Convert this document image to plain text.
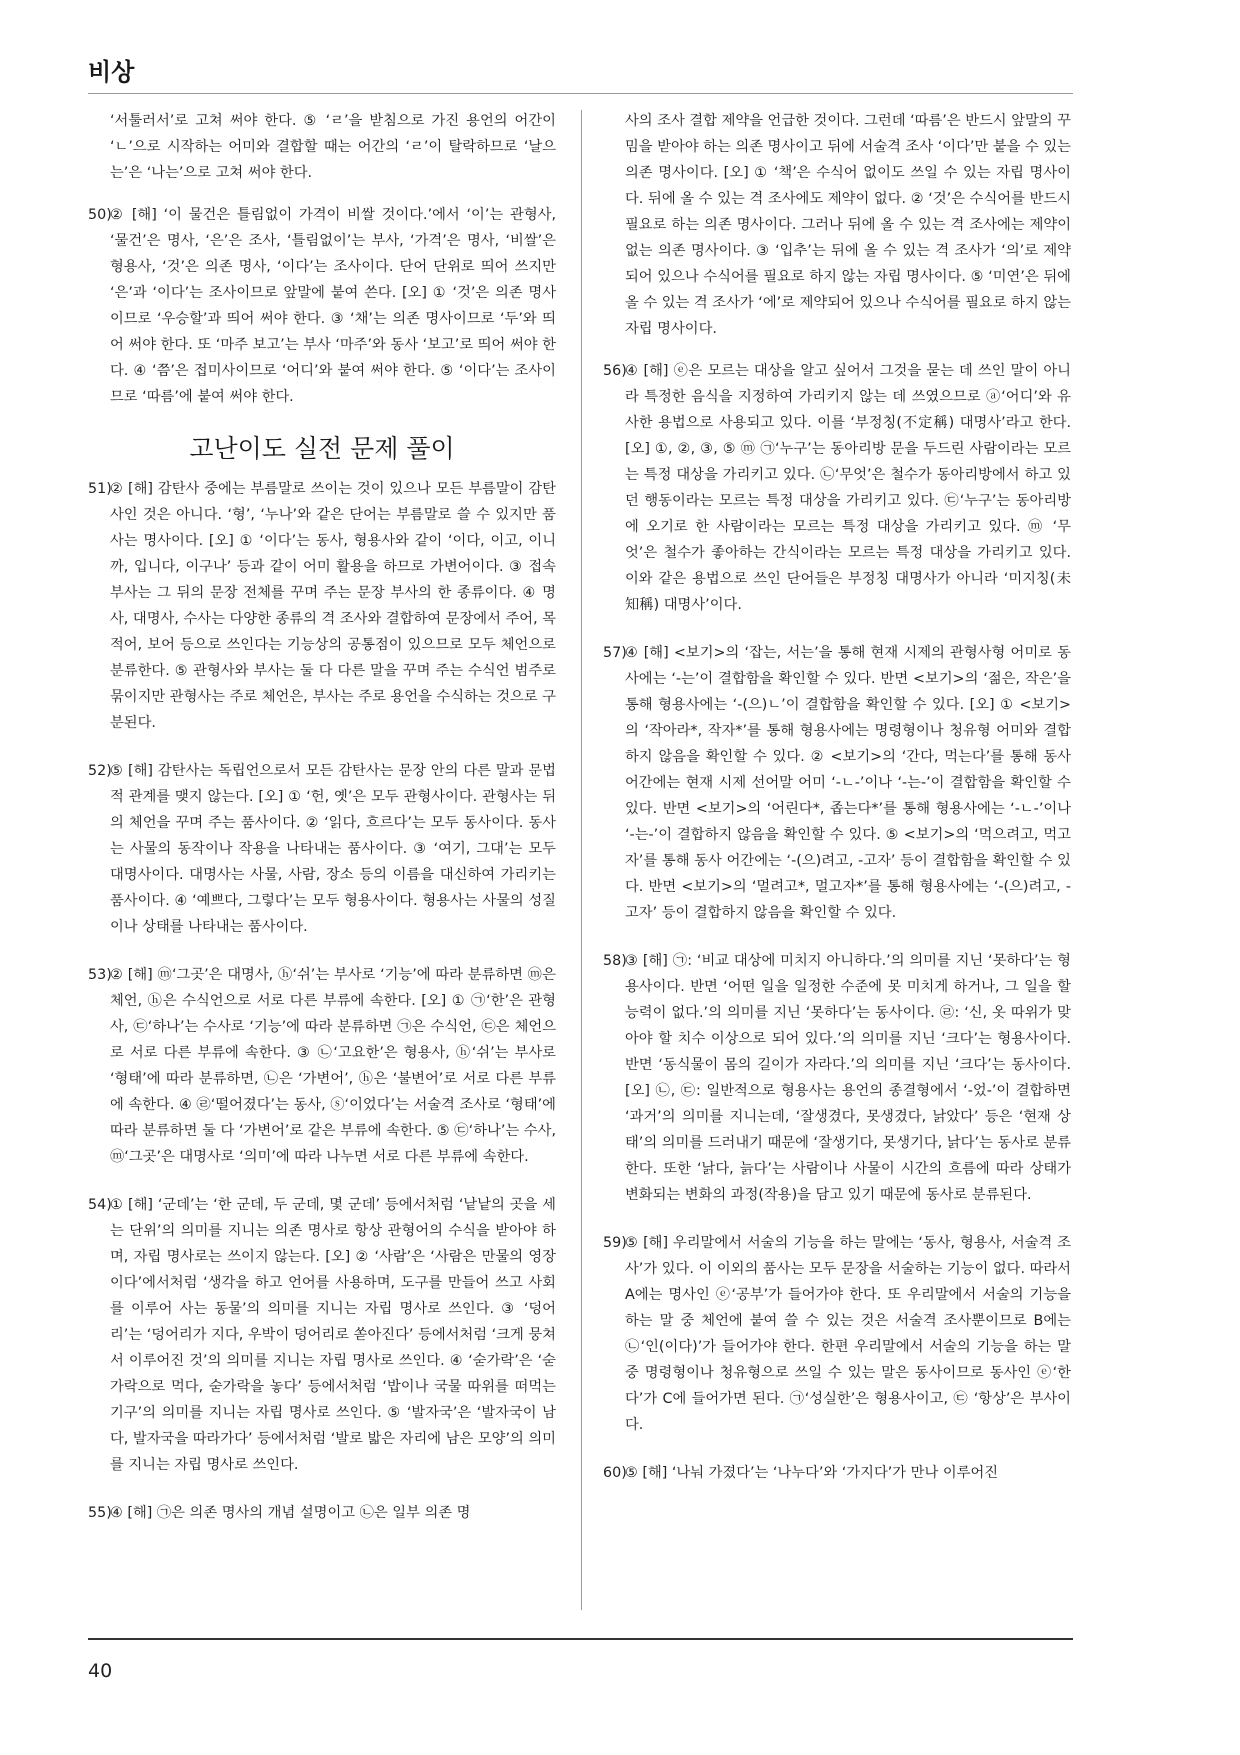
비상
‘서툴러서’로 고쳐 써야 한다. ⑤ ‘ㄹ’을 받침으로 가진 용언의 어간이 ‘ㄴ’으로 시작하는 어미와 결합할 때는 어간의 ‘ㄹ’이 탈락하므로 ‘날으는’은 ‘나는’으로 고쳐 써야 한다.
50)
② [해] ‘이 물건은 틀림없이 가격이 비쌀 것이다.’에서 ‘이’는 관형사, ‘물건’은 명사, ‘은’은 조사, ‘틀림없이’는 부사, ‘가격’은 명사, ‘비쌀’은 형용사, ‘것’은 의존 명사, ‘이다’는 조사이다. 단어 단위로 띄어 쓰지만 ‘은’과 ‘이다’는 조사이므로 앞말에 붙여 쓴다. [오] ① ‘것’은 의존 명사이므로 ‘우승할’과 띄어 써야 한다. ③ ‘채’는 의존 명사이므로 ‘두’와 띄어 써야 한다. 또 ‘마주 보고’는 부사 ‘마주’와 동사 ‘보고’로 띄어 써야 한다. ④ ‘쯤’은 접미사이므로 ‘어디’와 붙여 써야 한다. ⑤ ‘이다’는 조사이므로 ‘따름’에 붙여 써야 한다.
고난이도 실전 문제 풀이
51)
② [해] 감탄사 중에는 부름말로 쓰이는 것이 있으나 모든 부름말이 감탄사인 것은 아니다. ‘형’, ‘누나’와 같은 단어는 부름말로 쓸 수 있지만 품사는 명사이다. [오] ① ‘이다’는 동사, 형용사와 같이 ‘이다, 이고, 이니까, 입니다, 이구나’ 등과 같이 어미 활용을 하므로 가변어이다. ③ 접속 부사는 그 뒤의 문장 전체를 꾸며 주는 문장 부사의 한 종류이다. ④ 명사, 대명사, 수사는 다양한 종류의 격 조사와 결합하여 문장에서 주어, 목적어, 보어 등으로 쓰인다는 기능상의 공통점이 있으므로 모두 체언으로 분류한다. ⑤ 관형사와 부사는 둘 다 다른 말을 꾸며 주는 수식언 범주로 묶이지만 관형사는 주로 체언은, 부사는 주로 용언을 수식하는 것으로 구분된다.
52)
⑤ [해] 감탄사는 독립언으로서 모든 감탄사는 문장 안의 다른 말과 문법적 관계를 맺지 않는다. [오] ① ‘헌, 옛’은 모두 관형사이다. 관형사는 뒤의 체언을 꾸며 주는 품사이다. ② ‘읽다, 흐르다’는 모두 동사이다. 동사는 사물의 동작이나 작용을 나타내는 품사이다. ③ ‘여기, 그대’는 모두 대명사이다. 대명사는 사물, 사람, 장소 등의 이름을 대신하여 가리키는 품사이다. ④ ‘예쁘다, 그렇다’는 모두 형용사이다. 형용사는 사물의 성질이나 상태를 나타내는 품사이다.
53)
② [해] ⓜ‘그곳’은 대명사, ⓗ‘쉬’는 부사로 ‘기능’에 따라 분류하면 ⓜ은 체언, ⓗ은 수식언으로 서로 다른 부류에 속한다. [오] ① ㉠‘한’은 관형사, ㉢‘하나’는 수사로 ‘기능’에 따라 분류하면 ㉠은 수식언, ㉢은 체언으로 서로 다른 부류에 속한다. ③ ㉡‘고요한’은 형용사, ⓗ‘쉬’는 부사로 ‘형태’에 따라 분류하면, ㉡은 ‘가변어’, ⓗ은 ‘불변어’로 서로 다른 부류에 속한다. ④ ㉣‘떨어졌다’는 동사, ⓢ‘이었다’는 서술격 조사로 ‘형태’에 따라 분류하면 둘 다 ‘가변어’로 같은 부류에 속한다. ⑤ ㉢‘하나’는 수사, ⓜ‘그곳’은 대명사로 ‘의미’에 따라 나누면 서로 다른 부류에 속한다.
54)
① [해] ‘군데’는 ‘한 군데, 두 군데, 몇 군데’ 등에서처럼 ‘낱낱의 곳을 세는 단위’의 의미를 지니는 의존 명사로 항상 관형어의 수식을 받아야 하며, 자립 명사로는 쓰이지 않는다. [오] ② ‘사람’은 ‘사람은 만물의 영장이다’에서처럼 ‘생각을 하고 언어를 사용하며, 도구를 만들어 쓰고 사회를 이루어 사는 동물’의 의미를 지니는 자립 명사로 쓰인다. ③ ‘덩어리’는 ‘덩어리가 지다, 우박이 덩어리로 쏟아진다’ 등에서처럼 ‘크게 뭉쳐서 이루어진 것’의 의미를 지니는 자립 명사로 쓰인다. ④ ‘숟가락’은 ‘숟가락으로 먹다, 숟가락을 놓다’ 등에서처럼 ‘밥이나 국물 따위를 떠먹는 기구’의 의미를 지니는 자립 명사로 쓰인다. ⑤ ‘발자국’은 ‘발자국이 남다, 발자국을 따라가다’ 등에서처럼 ‘발로 밟은 자리에 남은 모양’의 의미를 지니는 자립 명사로 쓰인다.
55)
④ [해] ㉠은 의존 명사의 개념 설명이고 ㉡은 일부 의존 명
사의 조사 결합 제약을 언급한 것이다. 그런데 ‘따름’은 반드시 앞말의 꾸밈을 받아야 하는 의존 명사이고 뒤에 서술격 조사 ‘이다’만 붙을 수 있는 의존 명사이다. [오] ① ‘책’은 수식어 없이도 쓰일 수 있는 자립 명사이다. 뒤에 올 수 있는 격 조사에도 제약이 없다. ② ‘것’은 수식어를 반드시 필요로 하는 의존 명사이다. 그러나 뒤에 올 수 있는 격 조사에는 제약이 없는 의존 명사이다. ③ ‘입추’는 뒤에 올 수 있는 격 조사가 ‘의’로 제약되어 있으나 수식어를 필요로 하지 않는 자립 명사이다. ⑤ ‘미연’은 뒤에 올 수 있는 격 조사가 ‘에’로 제약되어 있으나 수식어를 필요로 하지 않는 자립 명사이다.
56)
④ [해] ⓔ은 모르는 대상을 알고 싶어서 그것을 묻는 데 쓰인 말이 아니라 특정한 음식을 지정하여 가리키지 않는 데 쓰였으므로 ⓐ‘어디’와 유사한 용법으로 사용되고 있다. 이를 ‘부정칭(不定稱) 대명사’라고 한다. [오] ①, ②, ③, ⑤ ⓜ ㉠‘누구’는 동아리방 문을 두드린 사람이라는 모르는 특정 대상을 가리키고 있다. ㉡‘무엇’은 철수가 동아리방에서 하고 있던 행동이라는 모르는 특정 대상을 가리키고 있다. ㉢‘누구’는 동아리방에 오기로 한 사람이라는 모르는 특정 대상을 가리키고 있다. ⓜ ‘무엇’은 철수가 좋아하는 간식이라는 모르는 특정 대상을 가리키고 있다. 이와 같은 용법으로 쓰인 단어들은 부정칭 대명사가 아니라 ‘미지칭(未知稱) 대명사’이다.
57)
④ [해] <보기>의 ‘잡는, 서는’을 통해 현재 시제의 관형사형 어미로 동사에는 ‘-는’이 결합함을 확인할 수 있다. 반면 <보기>의 ‘젊은, 작은’을 통해 형용사에는 ‘-(으)ㄴ’이 결합함을 확인할 수 있다. [오] ① <보기>의 ‘작아라*, 작자*’를 통해 형용사에는 명령형이나 청유형 어미와 결합하지 않음을 확인할 수 있다. ② <보기>의 ‘간다, 먹는다’를 통해 동사 어간에는 현재 시제 선어말 어미 ‘-ㄴ-’이나 ‘-는-’이 결합함을 확인할 수 있다. 반면 <보기>의 ‘어린다*, 좁는다*’를 통해 형용사에는 ‘-ㄴ-’이나 ‘-는-’이 결합하지 않음을 확인할 수 있다. ⑤ <보기>의 ‘먹으려고, 먹고자’를 통해 동사 어간에는 ‘-(으)려고, -고자’ 등이 결합함을 확인할 수 있다. 반면 <보기>의 ‘멀려고*, 멀고자*’를 통해 형용사에는 ‘-(으)려고, -고자’ 등이 결합하지 않음을 확인할 수 있다.
58)
③ [해] ㉠: ‘비교 대상에 미치지 아니하다.’의 의미를 지닌 ‘못하다’는 형용사이다. 반면 ‘어떤 일을 일정한 수준에 못 미치게 하거나, 그 일을 할 능력이 없다.’의 의미를 지닌 ‘못하다’는 동사이다. ㉣: ‘신, 옷 따위가 맞아야 할 치수 이상으로 되어 있다.’의 의미를 지닌 ‘크다’는 형용사이다. 반면 ‘동식물이 몸의 길이가 자라다.’의 의미를 지닌 ‘크다’는 동사이다. [오] ㉡, ㉢: 일반적으로 형용사는 용언의 종결형에서 ‘-었-’이 결합하면 ‘과거’의 의미를 지니는데, ‘잘생겼다, 못생겼다, 낡았다’ 등은 ‘현재 상태’의 의미를 드러내기 때문에 ‘잘생기다, 못생기다, 낡다’는 동사로 분류한다. 또한 ‘낡다, 늙다’는 사람이나 사물이 시간의 흐름에 따라 상태가 변화되는 변화의 과정(작용)을 담고 있기 때문에 동사로 분류된다.
59)
⑤ [해] 우리말에서 서술의 기능을 하는 말에는 ‘동사, 형용사, 서술격 조사’가 있다. 이 이외의 품사는 모두 문장을 서술하는 기능이 없다. 따라서 A에는 명사인 ⓔ‘공부’가 들어가야 한다. 또 우리말에서 서술의 기능을 하는 말 중 체언에 붙여 쓸 수 있는 것은 서술격 조사뿐이므로 B에는 ㉡‘인(이다)’가 들어가야 한다. 한편 우리말에서 서술의 기능을 하는 말 중 명령형이나 청유형으로 쓰일 수 있는 말은 동사이므로 동사인 ⓔ‘한다’가 C에 들어가면 된다. ㉠‘성실한’은 형용사이고, ㉢ ‘항상’은 부사이다.
60)
⑤ [해] ‘나눠 가졌다’는 ‘나누다’와 ‘가지다’가 만나 이루어진
40
